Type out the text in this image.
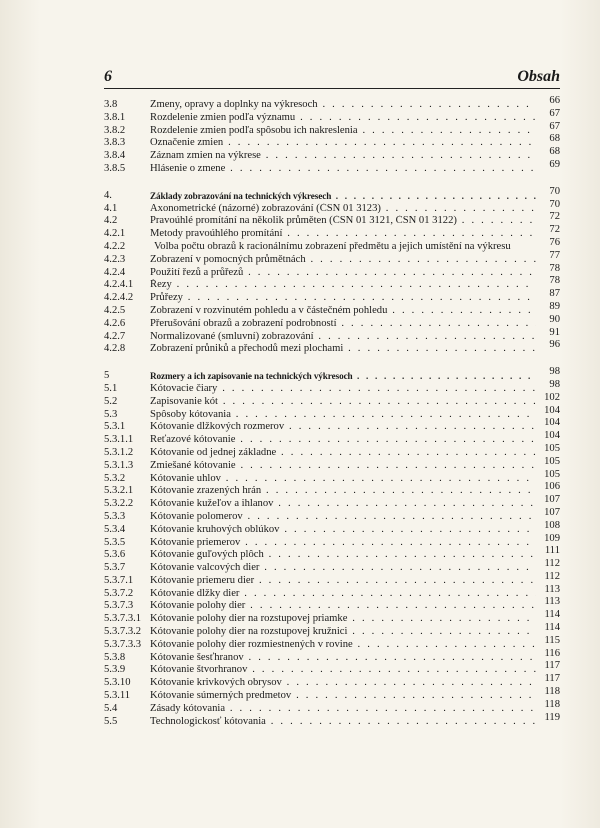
6	Obsah
3.8	Zmeny, opravy a doplnky na výkresoch . . .	66
3.8.1	Rozdelenie zmien podľa významu . . .	67
3.8.2	Rozdelenie zmien podľa spôsobu ich nakreslenia . . .	67
3.8.3	Označenie zmien . . .	68
3.8.4	Záznam zmien na výkrese . . .	68
3.8.5	Hlásenie o zmene . . .	69
4.	Základy zobrazování na technických výkresech . . .	70
4.1	Axonometrické (názorné) zobrazování (ČSN 01 3123) . . .	70
4.2	Pravoúhlé promítání na několik průměten (ČSN 01 3121, ČSN 01 3122) . . .	72
4.2.1	Metody pravoúhlého promítání . . .	72
4.2.2	Volba počtu obrazů k racionálnímu zobrazení předmětu a jejich umístění na výkresu	76
4.2.3	Zobrazení v pomocných průmětnách . . .	77
4.2.4	Použití řezů a průřezů . . .	78
4.2.4.1	Řezy . . .	78
4.2.4.2	Průřezy . . .	87
4.2.5	Zobrazení v rozvinutém pohledu a v částečném pohledu . . .	89
4.2.6	Přerušování obrazů a zobrazení podrobností . . .	90
4.2.7	Normalizované (smluvní) zobrazování . . .	91
4.2.8	Zobrazení průniků a přechodů mezi plochami . . .	96
5	Rozmery a ich zapisovanie na technických výkresoch . . .	98
5.1	Kótovacie čiary . . .	98
5.2	Zapisovanie kót . . .	102
5.3	Spôsoby kótovania . . .	104
5.3.1	Kótovanie dĺžkových rozmerov . . .	104
5.3.1.1	Reťazové kótovanie . . .	104
5.3.1.2	Kótovanie od jednej základne . . .	105
5.3.1.3	Zmiešané kótovanie . . .	105
5.3.2	Kótovanie uhlov . . .	105
5.3.2.1	Kótovanie zrazených hrán . . .	106
5.3.2.2	Kótovanie kužeľov a ihlanov . . .	107
5.3.3	Kótovanie polomerov . . .	107
5.3.4	Kótovanie kruhových oblúkov . . .	108
5.3.5	Kótovanie priemerov . . .	109
5.3.6	Kótovanie guľových plôch . . .	111
5.3.7	Kótovanie valcových dier . . .	112
5.3.7.1	Kótovanie priemeru dier . . .	112
5.3.7.2	Kótovanie dĺžky dier . . .	113
5.3.7.3	Kótovanie polohy dier . . .	113
5.3.7.3.1 Kótovanie polohy dier na rozstupovej priamke . . .	114
5.3.7.3.2 Kótovanie polohy dier na rozstupovej kružnici . . .	114
5.3.7.3.3 Kótovanie polohy dier rozmiestnených v rovine . . .	115
5.3.8	Kótovanie šesťhranov . . .	116
5.3.9	Kótovanie štvorhranov . . .	117
5.3.10	Kótovanie krivkových obrysov . . .	117
5.3.11	Kótovanie súmerných predmetov . . .	118
5.4	Zásady kótovania . . .	118
5.5	Technologickosť kótovania . . .	119
